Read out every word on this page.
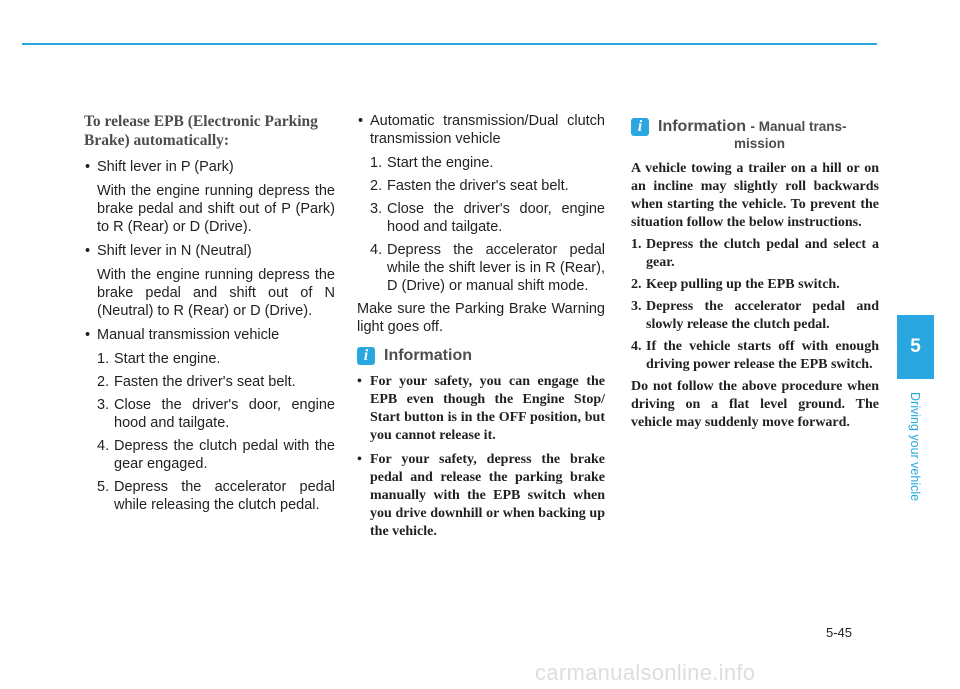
To release EPB (Electronic Parking Brake) automatically:
• Shift lever in P (Park)
With the engine running depress the brake pedal and shift out of P (Park) to R (Rear) or D (Drive).
• Shift lever in N (Neutral)
With the engine running depress the brake pedal and shift out of N (Neutral) to R (Rear) or D (Drive).
• Manual transmission vehicle
1. Start the engine.
2. Fasten the driver's seat belt.
3. Close the driver's door, engine hood and tailgate.
4. Depress the clutch pedal with the gear engaged.
5. Depress the accelerator pedal while releasing the clutch pedal.
• Automatic transmission/Dual clutch transmission vehicle
1. Start the engine.
2. Fasten the driver's seat belt.
3. Close the driver's door, engine hood and tailgate.
4. Depress the accelerator pedal while the shift lever is in R (Rear), D (Drive) or manual shift mode.
Make sure the Parking Brake Warning light goes off.
i Information
• For your safety, you can engage the EPB even though the Engine Stop/ Start button is in the OFF position, but you cannot release it.
• For your safety, depress the brake pedal and release the parking brake manually with the EPB switch when you drive downhill or when backing up the vehicle.
i Information - Manual trans-
mission
A vehicle towing a trailer on a hill or on an incline may slightly roll backwards when starting the vehicle. To prevent the situation follow the below instructions.
1. Depress the clutch pedal and select a gear.
2. Keep pulling up the EPB switch.
3. Depress the accelerator pedal and slowly release the clutch pedal.
4. If the vehicle starts off with enough driving power release the EPB switch.
Do not follow the above procedure when driving on a flat level ground. The vehicle may suddenly move forward.
5
Driving your vehicle
5-45
carmanualsonline.info
